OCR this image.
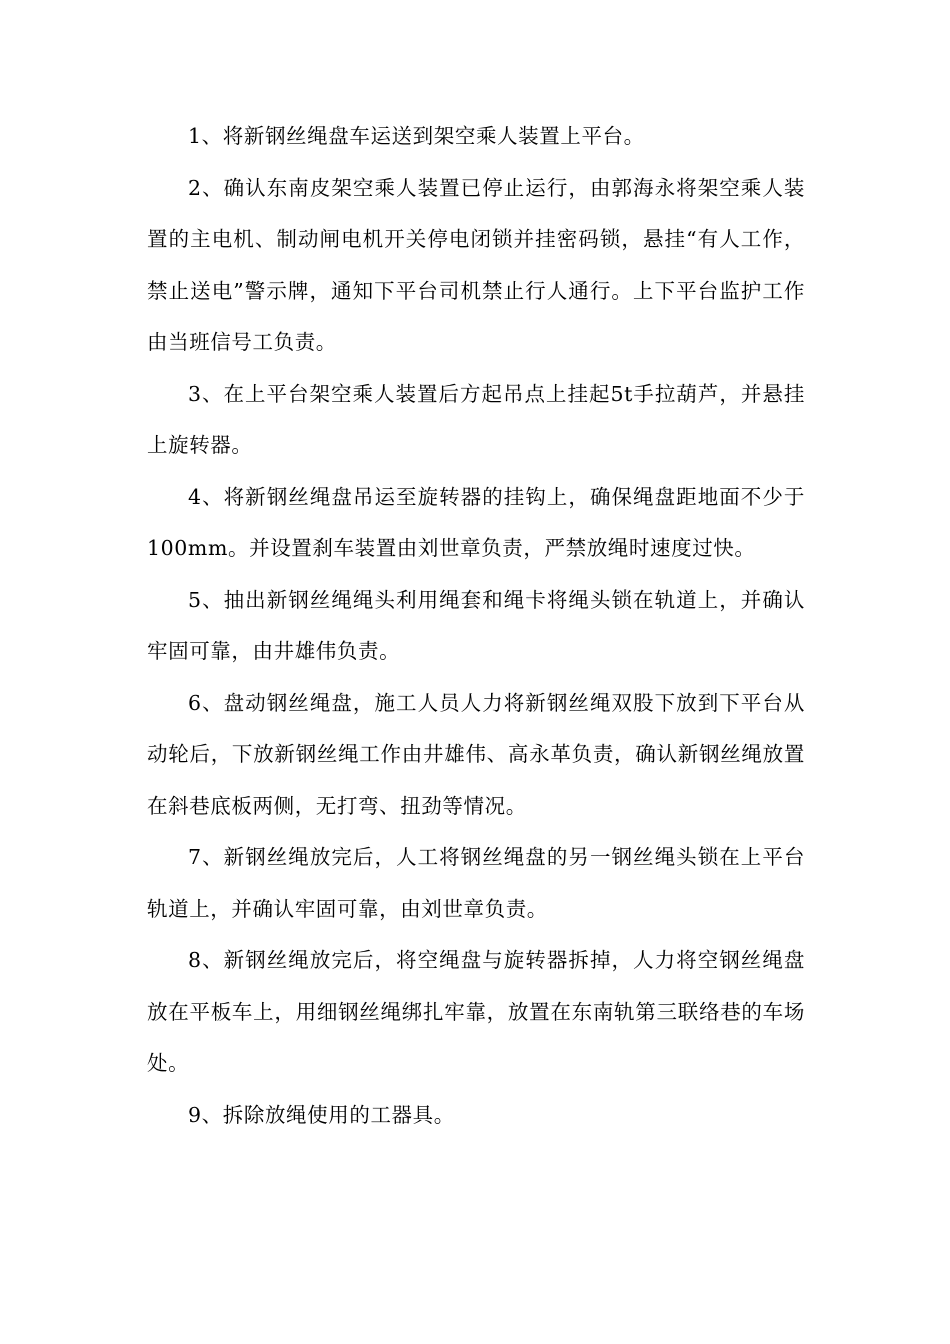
1、将新钢丝绳盘车运送到架空乘人装置上平台。

2、确认东南皮架空乘人装置已停止运行，由郭海永将架空乘人装置的主电机、制动闸电机开关停电闭锁并挂密码锁，悬挂“有人工作，禁止送电”警示牌，通知下平台司机禁止行人通行。上下平台监护工作由当班信号工负责。

3、在上平台架空乘人装置后方起吊点上挂起5t手拉葫芦，并悬挂上旋转器。

4、将新钢丝绳盘吊运至旋转器的挂钩上，确保绳盘距地面不少于100mm。并设置刹车装置由刘世章负责，严禁放绳时速度过快。

5、抽出新钢丝绳绳头利用绳套和绳卡将绳头锁在轨道上，并确认牢固可靠，由井雄伟负责。

6、盘动钢丝绳盘，施工人员人力将新钢丝绳双股下放到下平台从动轮后，下放新钢丝绳工作由井雄伟、高永革负责，确认新钢丝绳放置在斜巷底板两侧，无打弯、扭劲等情况。

7、新钢丝绳放完后，人工将钢丝绳盘的另一钢丝绳头锁在上平台轨道上，并确认牢固可靠，由刘世章负责。

8、新钢丝绳放完后，将空绳盘与旋转器拆掉，人力将空钢丝绳盘放在平板车上，用细钢丝绳绑扎牢靠，放置在东南轨第三联络巷的车场处。

9、拆除放绳使用的工器具。
